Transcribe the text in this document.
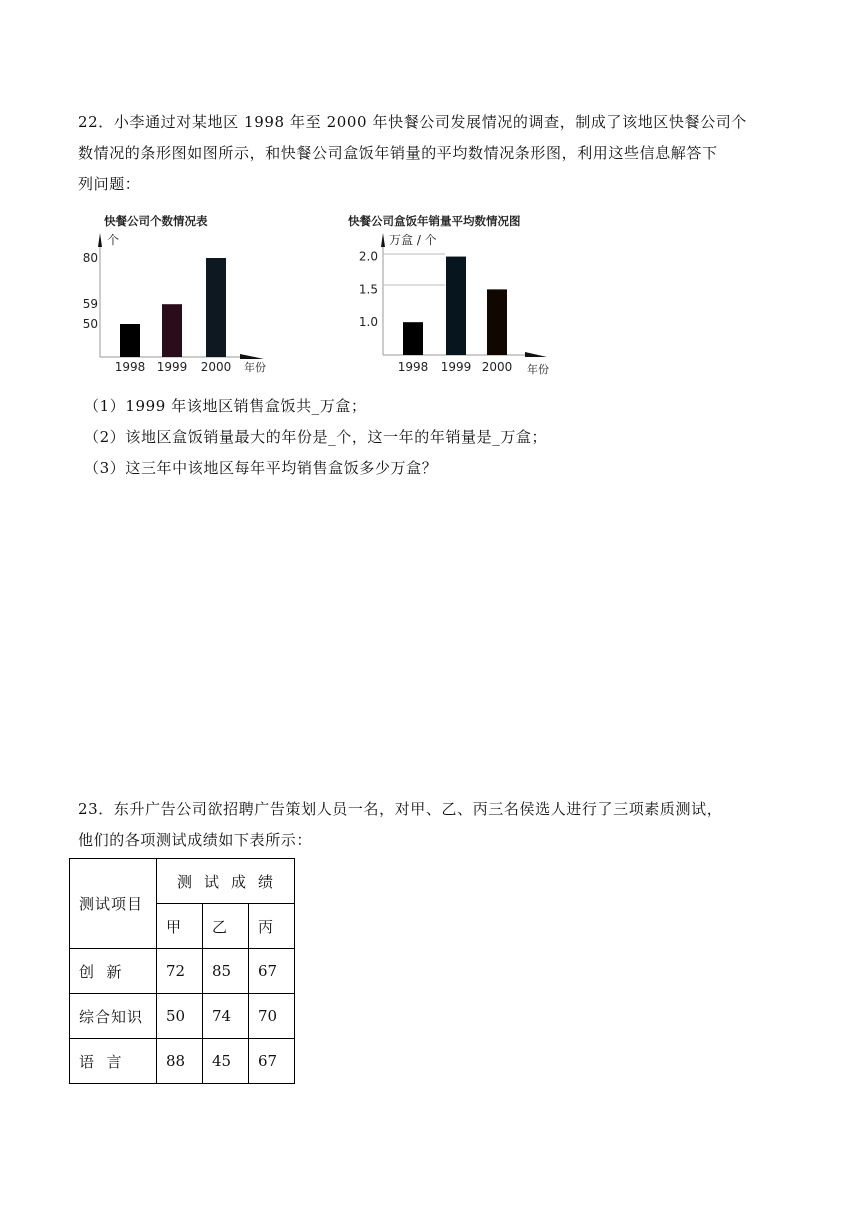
22．小李通过对某地区 1998 年至 2000 年快餐公司发展情况的调查，制成了该地区快餐公司个
数情况的条形图如图所示，和快餐公司盒饭年销量的平均数情况条形图，利用这些信息解答下
列问题：
快餐公司个数情况表
个
年份
80
59
50
1998 1999 2000
快餐公司盒饭年销量平均数情况图
万盒 / 个
年份
2.0
1.5
1.0
1998 1999 2000
（1）1999 年该地区销售盒饭共_万盒；
（2）该地区盒饭销量最大的年份是_个，这一年的年销量是_万盒；
（3）这三年中该地区每年平均销售盒饭多少万盒？
23．东升广告公司欲招聘广告策划人员一名，对甲、乙、丙三名侯选人进行了三项素质测试，
他们的各项测试成绩如下表所示：
测试项目	测试成绩		
	甲	乙	丙
创  新	72	85	67
综合知识	50	74	70
语  言	88	45	67
